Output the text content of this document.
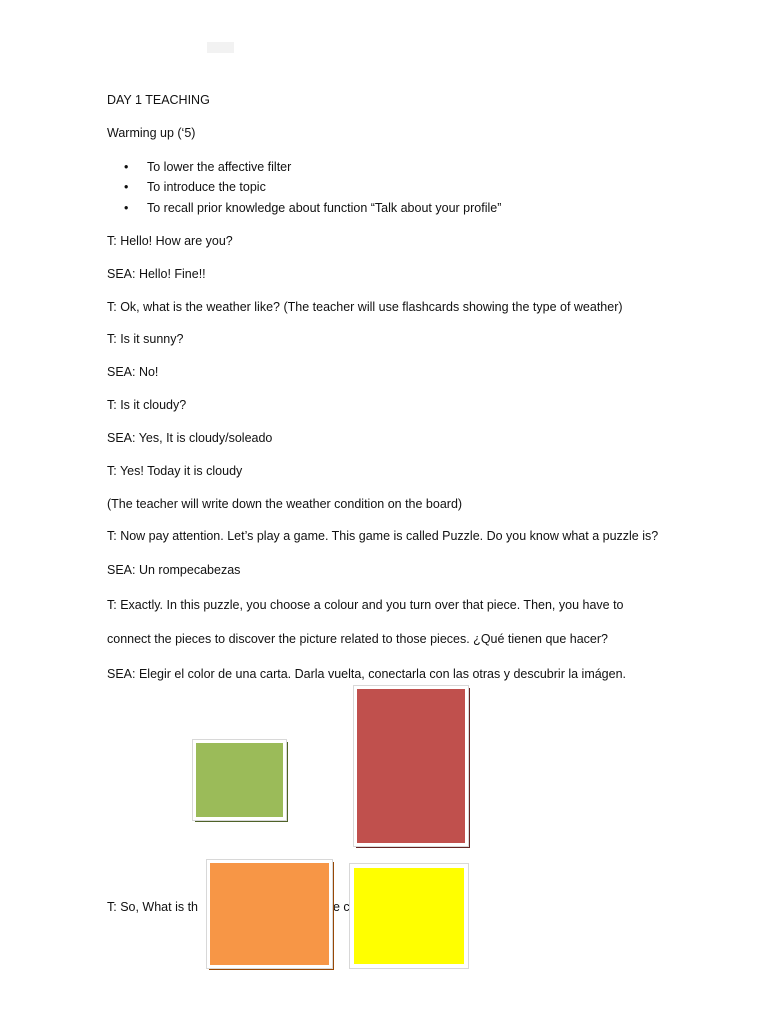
DAY 1 TEACHING
Warming up (‘5)
• To lower the affective filter
• To introduce the topic
• To recall prior knowledge about function “Talk about your profile”
T: Hello! How are you?
SEA: Hello! Fine!!
T: Ok, what is the weather like? (The teacher will use flashcards showing the type of weather)
T: Is it sunny?
SEA: No!
T: Is it cloudy?
SEA: Yes, It is cloudy/soleado
T: Yes! Today it is cloudy
(The teacher will write down the weather condition on the board)
T: Now pay attention. Let’s play a game. This game is called Puzzle. Do you know what a puzzle is?
SEA: Un rompecabezas
T: Exactly. In this puzzle, you choose a colour and you turn over that piece. Then, you have to
connect the pieces to discover the picture related to those pieces. ¿Qué tienen que hacer?
SEA: Elegir el color de una carta. Darla vuelta, conectarla con las otras y descubrir la imágen.
T: So, What is th	e c
